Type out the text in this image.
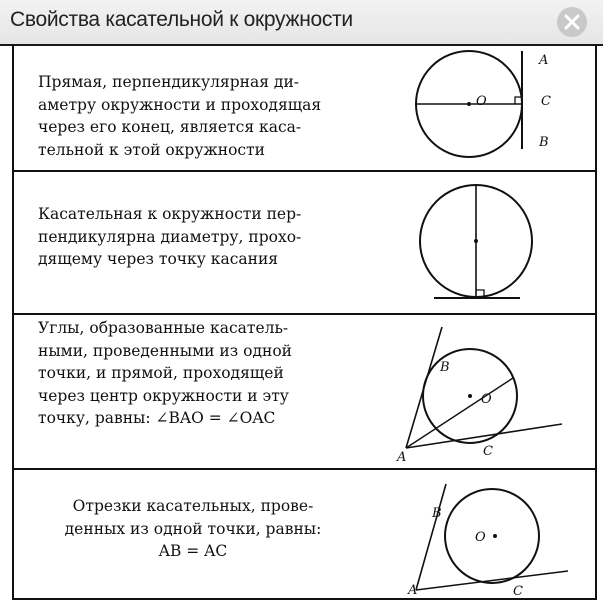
Свойства касательной к окружности

Прямая, перпендикулярная ди-
аметру окружности и проходящая
через его конец, является каса-
тельной к этой окружности

O
A
C
B

Касательная к окружности пер-
пендикулярна диаметру, прохо-
дящему через точку касания

Углы, образованные касатель-
ными, проведенными из одной
точки, и прямой, проходящей
через центр окружности и эту
точку, равны: ∠BAO = ∠OAC

B
O
A	C

Отрезки касательных, прове-
денных из одной точки, равны:
AB = AC

O
B
A	C
